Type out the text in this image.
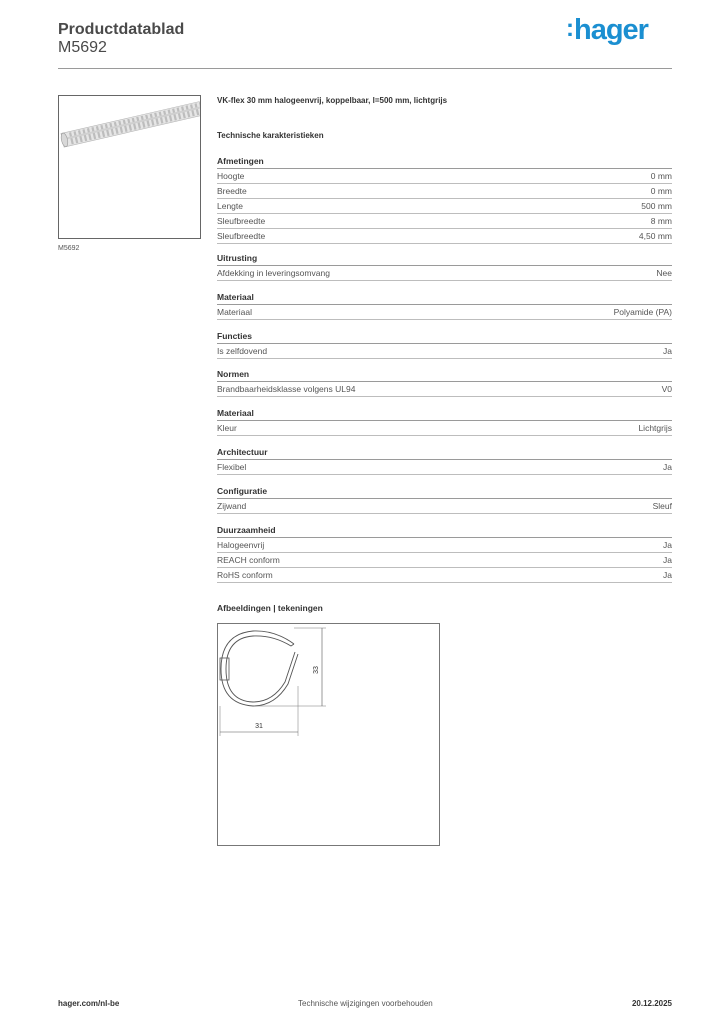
Productdatablad
M5692
:hager
M5692
VK-flex 30 mm halogeenvrij, koppelbaar, l=500 mm, lichtgrijs
Technische karakteristieken
Afmetingen
Hoogte	0 mm
Breedte	0 mm
Lengte	500 mm
Sleufbreedte	8 mm
Sleufbreedte	4,50 mm
Uitrusting
Afdekking in leveringsomvang	Nee
Materiaal
Materiaal	Polyamide (PA)
Functies
Is zelfdovend	Ja
Normen
Brandbaarheidsklasse volgens UL94	V0
Materiaal
Kleur	Lichtgrijs
Architectuur
Flexibel	Ja
Configuratie
Zijwand	Sleuf
Duurzaamheid
Halogeenvrij	Ja
REACH conform	Ja
RoHS conform	Ja
Afbeeldingen | tekeningen
33
31
hager.com/nl-be	Technische wijzigingen voorbehouden	20.12.2025
